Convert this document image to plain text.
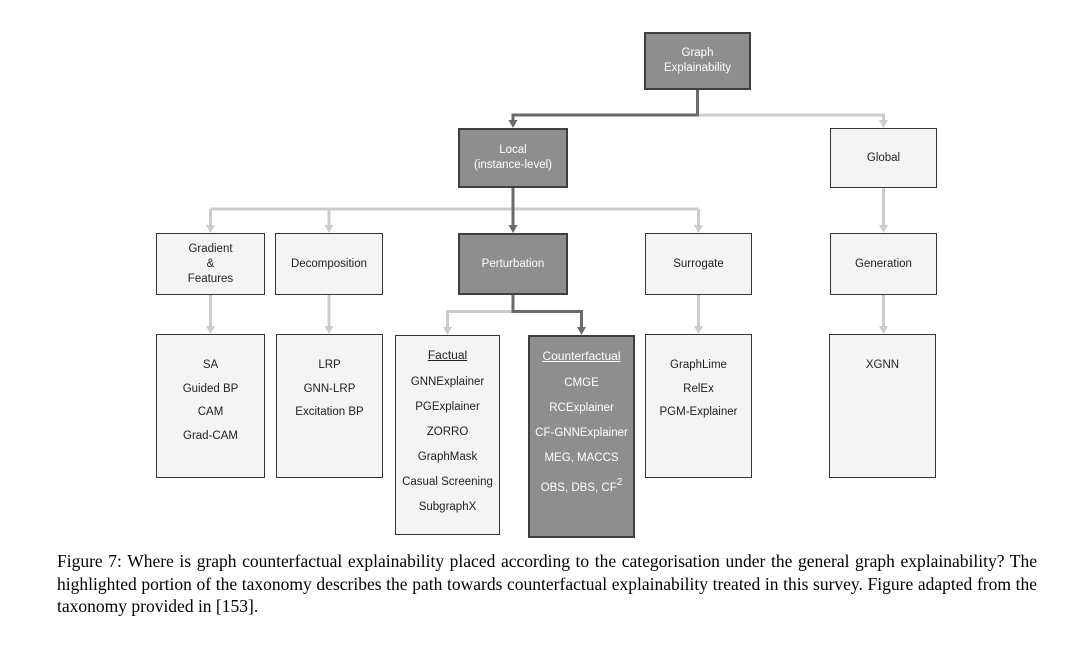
Graph
Explainability
Local
(instance-level)
Global
Gradient
&
Features
Decomposition	Perturbation	Surrogate	Generation
SA
Guided BP
CAM
Grad-CAM
LRP
GNN-LRP
Excitation BP
Factual
GNNExplainer
PGExplainer
ZORRO
GraphMask
Casual Screening
SubgraphX
Counterfactual
CMGE
RCExplainer
CF-GNNExplainer
MEG, MACCS
OBS, DBS, $CF^2$
GraphLime
RelEx
PGM-Explainer
XGNN
Figure 7: Where is graph counterfactual explainability placed according to the categorisation under the general graph explainability? The highlighted portion of the taxonomy describes the path towards counterfactual explainability treated in this survey. Figure adapted from the taxonomy provided in [153].
